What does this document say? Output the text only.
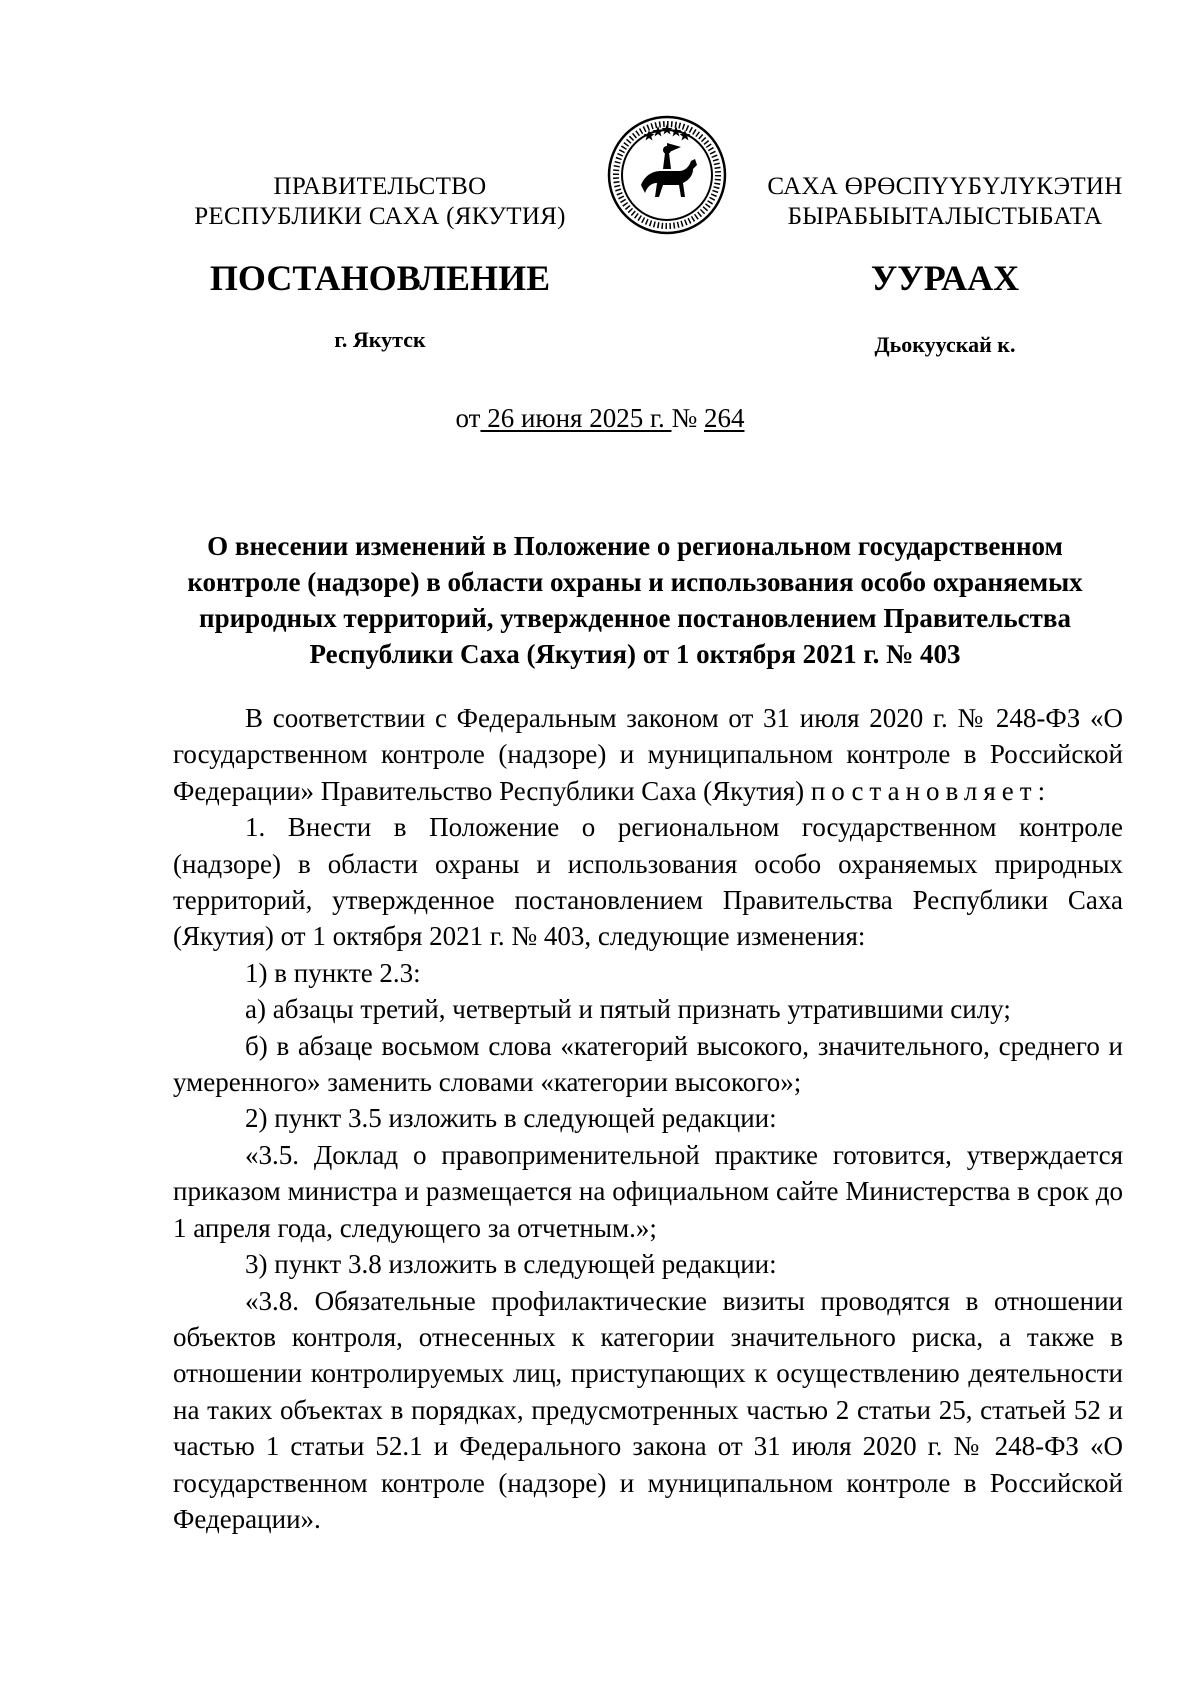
ПРАВИТЕЛЬСТВО
РЕСПУБЛИКИ САХА (ЯКУТИЯ)
САХА ӨРӨСПҮҮБҮЛҮКЭТИН
БЫРАБЫЫТАЛЫСТЫБАТА
ПОСТАНОВЛЕНИЕ	УУРААХ
г. Якутск	Дьокуускай к.
от 26 июня 2025 г. № 264
О внесении изменений в Положение о региональном государственном контроле (надзоре) в области охраны и использования особо охраняемых природных территорий, утвержденное постановлением Правительства Республики Саха (Якутия) от 1 октября 2021 г. № 403

В соответствии с Федеральным законом от 31 июля 2020 г. № 248-ФЗ «О государственном контроле (надзоре) и муниципальном контроле в Российской Федерации» Правительство Республики Саха (Якутия) постановляет:

1. Внести в Положение о региональном государственном контроле (надзоре) в области охраны и использования особо охраняемых природных территорий, утвержденное постановлением Правительства Республики Саха (Якутия) от 1 октября 2021 г. № 403, следующие изменения:

1) в пункте 2.3:

а) абзацы третий, четвертый и пятый признать утратившими силу;

б) в абзаце восьмом слова «категорий высокого, значительного, среднего и умеренного» заменить словами «категории высокого»;

2) пункт 3.5 изложить в следующей редакции:

«3.5. Доклад о правоприменительной практике готовится, утверждается приказом министра и размещается на официальном сайте Министерства в срок до 1 апреля года, следующего за отчетным.»;

3) пункт 3.8 изложить в следующей редакции:

«3.8. Обязательные профилактические визиты проводятся в отношении объектов контроля, отнесенных к категории значительного риска, а также в отношении контролируемых лиц, приступающих к осуществлению деятельности на таких объектах в порядках, предусмотренных частью 2 статьи 25, статьей 52 и частью 1 статьи 52.1 и Федерального закона от 31 июля 2020 г. № 248-ФЗ «О государственном контроле (надзоре) и муниципальном контроле в Российской Федерации».
